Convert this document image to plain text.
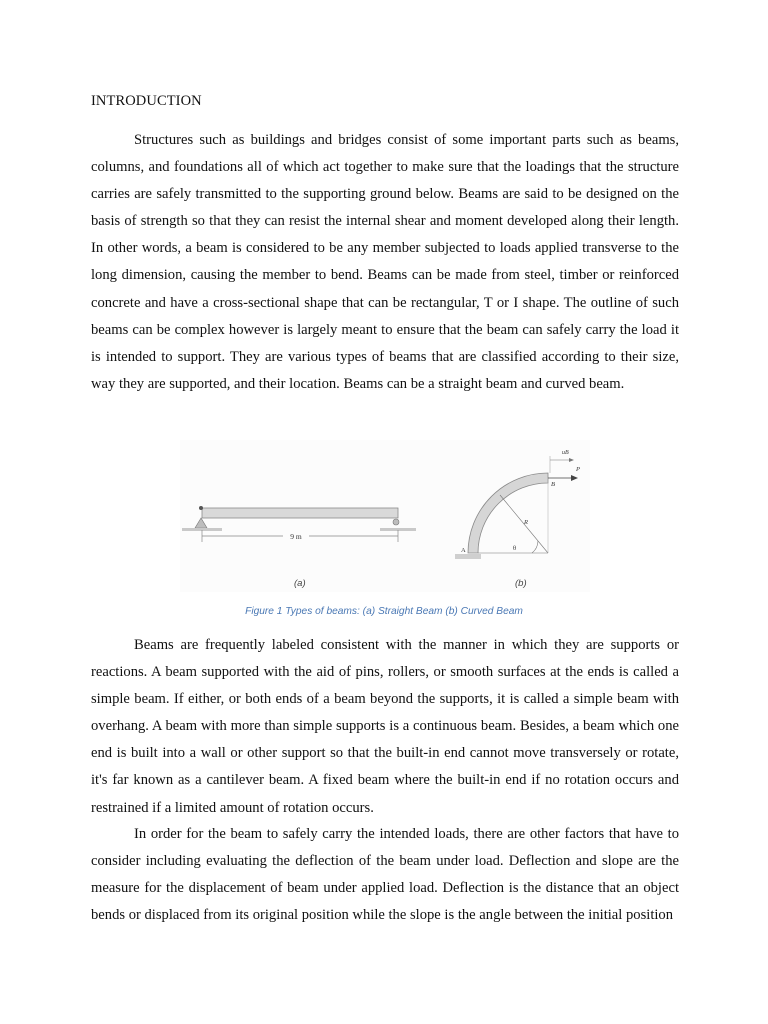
INTRODUCTION

Structures such as buildings and bridges consist of some important parts such as beams, columns, and foundations all of which act together to make sure that the loadings that the structure carries are safely transmitted to the supporting ground below. Beams are said to be designed on the basis of strength so that they can resist the internal shear and moment developed along their length. In other words, a beam is considered to be any member subjected to loads applied transverse to the long dimension, causing the member to bend. Beams can be made from steel, timber or reinforced concrete and have a cross-sectional shape that can be rectangular, T or I shape. The outline of such beams can be complex however is largely meant to ensure that the beam can safely carry the load it is intended to support. They are various types of beams that are classified according to their size, way they are supported, and their location. Beams can be a straight beam and curved beam.

9 m
uB
P
B
R
A	θ
(a)	(b)
Figure 1 Types of beams: (a) Straight Beam (b) Curved Beam

Beams are frequently labeled consistent with the manner in which they are supports or reactions. A beam supported with the aid of pins, rollers, or smooth surfaces at the ends is called a simple beam. If either, or both ends of a beam beyond the supports, it is called a simple beam with overhang. A beam with more than simple supports is a continuous beam. Besides, a beam which one end is built into a wall or other support so that the built-in end cannot move transversely or rotate, it's far known as a cantilever beam. A fixed beam where the built-in end if no rotation occurs and restrained if a limited amount of rotation occurs.

In order for the beam to safely carry the intended loads, there are other factors that have to consider including evaluating the deflection of the beam under load. Deflection and slope are the measure for the displacement of beam under applied load. Deflection is the distance that an object bends or displaced from its original position while the slope is the angle between the initial position
